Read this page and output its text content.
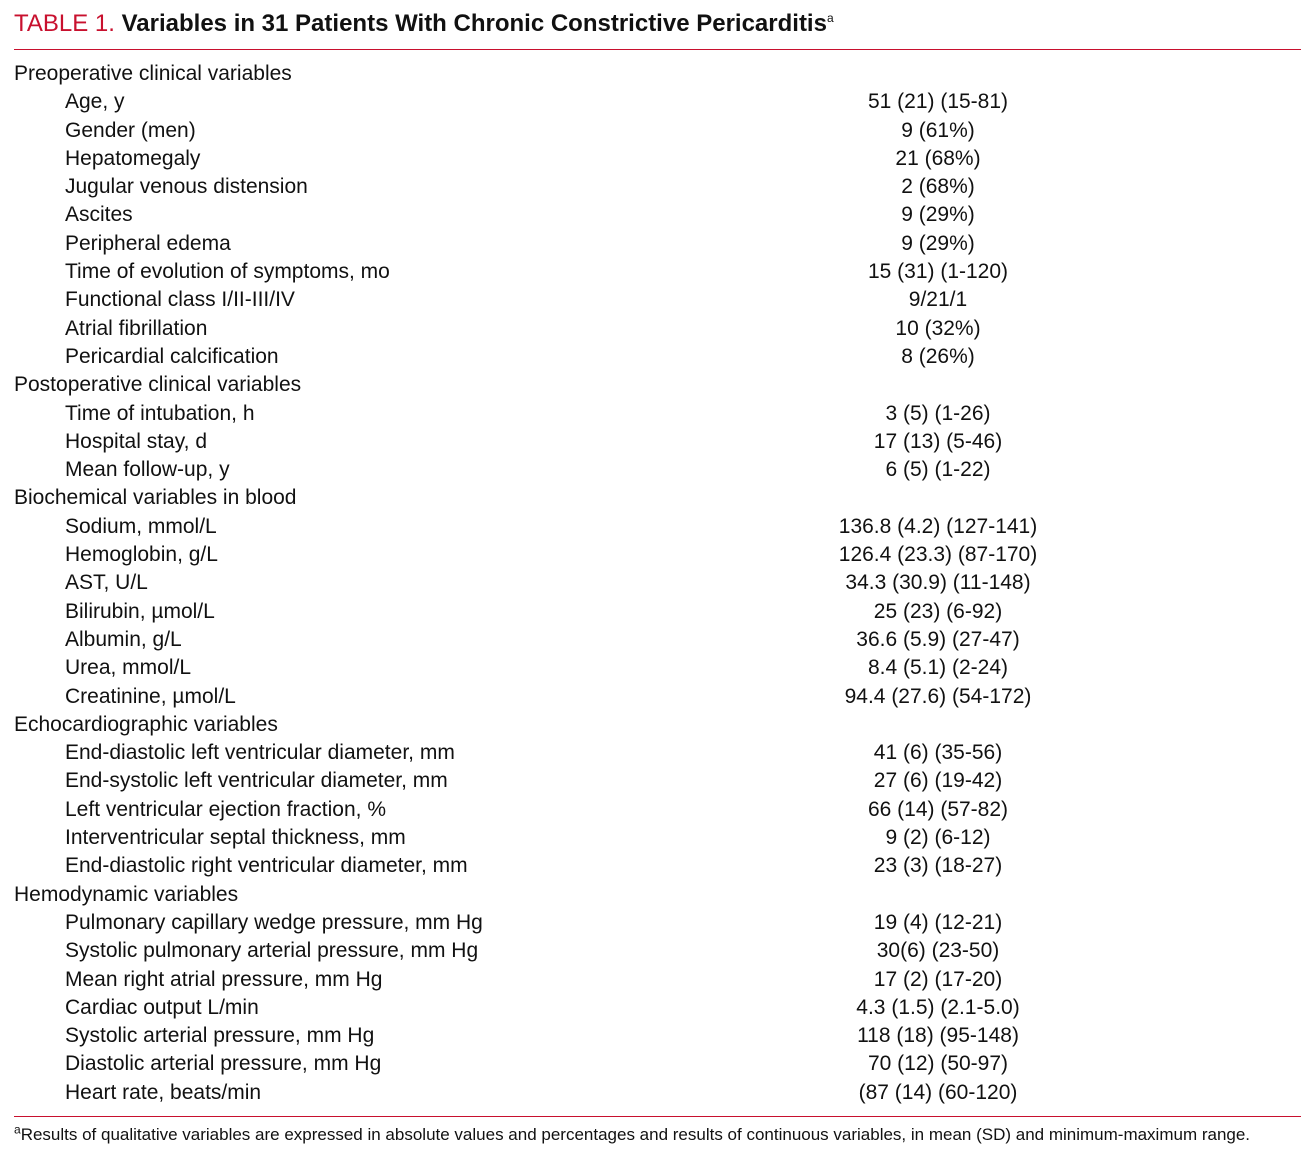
TABLE 1. Variables in 31 Patients With Chronic Constrictive Pericarditis$^a$
Preoperative clinical variables
Age, y	51 (21) (15-81)
Gender (men)	9 (61%)
Hepatomegaly	21 (68%)
Jugular venous distension	2 (68%)
Ascites	9 (29%)
Peripheral edema	9 (29%)
Time of evolution of symptoms, mo	15 (31) (1-120)
Functional class I/II-III/IV	9/21/1
Atrial fibrillation	10 (32%)
Pericardial calcification	8 (26%)
Postoperative clinical variables
Time of intubation, h	3 (5) (1-26)
Hospital stay, d	17 (13) (5-46)
Mean follow-up, y	6 (5) (1-22)
Biochemical variables in blood
Sodium, mmol/L	136.8 (4.2) (127-141)
Hemoglobin, g/L	126.4 (23.3) (87-170)
AST, U/L	34.3 (30.9) (11-148)
Bilirubin, µmol/L	25 (23) (6-92)
Albumin, g/L	36.6 (5.9) (27-47)
Urea, mmol/L	8.4 (5.1) (2-24)
Creatinine, µmol/L	94.4 (27.6) (54-172)
Echocardiographic variables
End-diastolic left ventricular diameter, mm	41 (6) (35-56)
End-systolic left ventricular diameter, mm	27 (6) (19-42)
Left ventricular ejection fraction, %	66 (14) (57-82)
Interventricular septal thickness, mm	9 (2) (6-12)
End-diastolic right ventricular diameter, mm	23 (3) (18-27)
Hemodynamic variables
Pulmonary capillary wedge pressure, mm Hg	19 (4) (12-21)
Systolic pulmonary arterial pressure, mm Hg	30(6) (23-50)
Mean right atrial pressure, mm Hg	17 (2) (17-20)
Cardiac output L/min	4.3 (1.5) (2.1-5.0)
Systolic arterial pressure, mm Hg	118 (18) (95-148)
Diastolic arterial pressure, mm Hg	70 (12) (50-97)
Heart rate, beats/min	(87 (14) (60-120)
$^a$Results of qualitative variables are expressed in absolute values and percentages and results of continuous variables, in mean (SD) and minimum-maximum range.
